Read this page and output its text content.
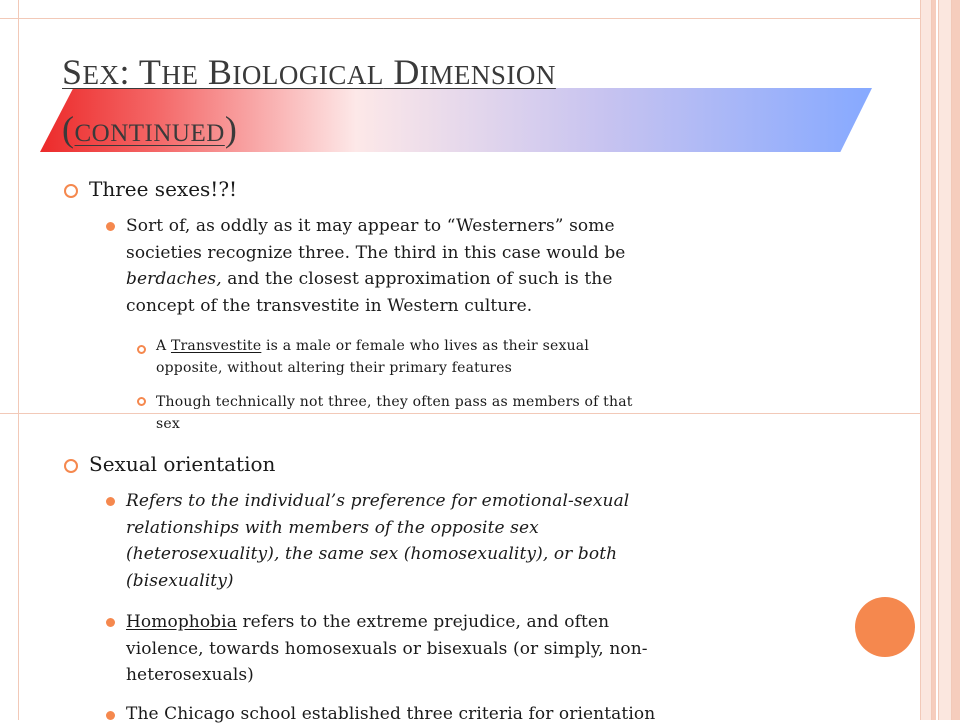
SEX: THE BIOLOGICAL DIMENSION
(CONTINUED)
Three sexes!?!
Sort of, as oddly as it may appear to “Westerners” some
societies recognize three. The third in this case would be
berdaches, and the closest approximation of such is the
concept of the transvestite in Western culture.
A Transvestite is a male or female who lives as their sexual
opposite, without altering their primary features
Though technically not three, they often pass as members of that
sex
Sexual orientation
Refers to the individual’s preference for emotional-sexual
relationships with members of the opposite sex
(heterosexuality), the same sex (homosexuality), or both
(bisexuality)
Homophobia refers to the extreme prejudice, and often
violence, towards homosexuals or bisexuals (or simply, non-
heterosexuals)
The Chicago school established three criteria for orientation
